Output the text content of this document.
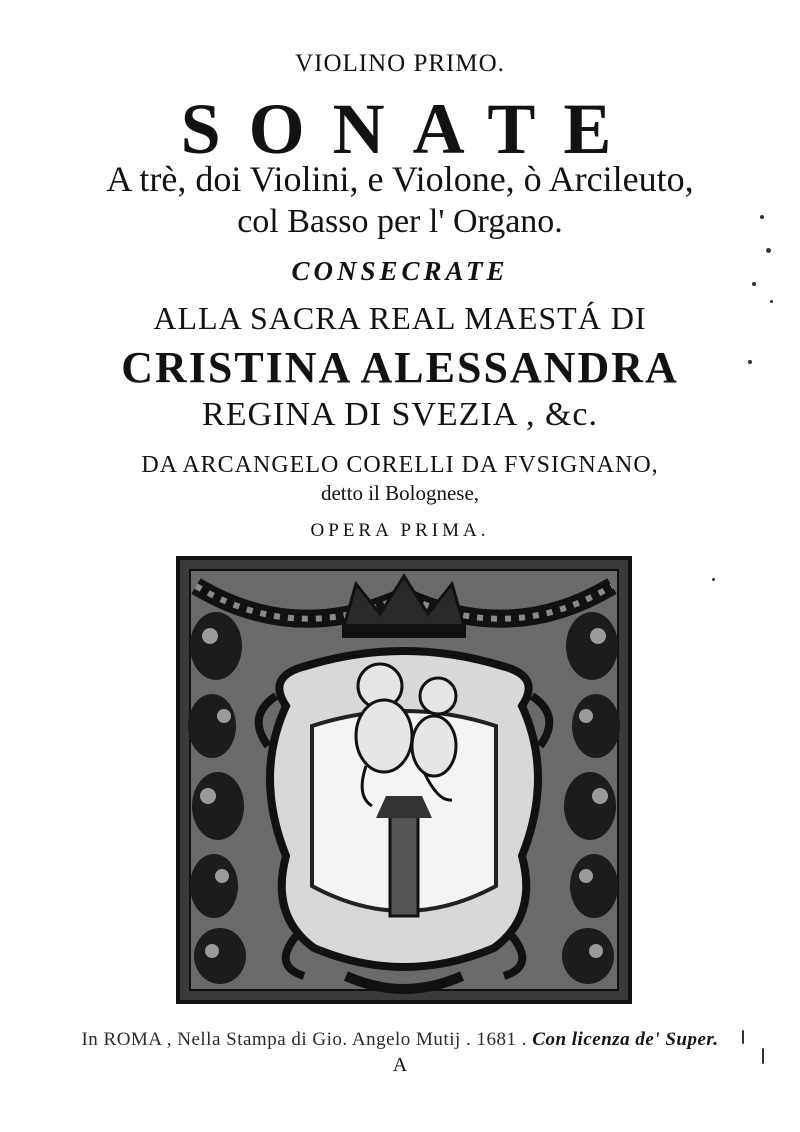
VIOLINO PRIMO.
SONATE
A trè, doi Violini, e Violone, ò Arcileuto,
col Basso per l' Organo.
CONSECRATE
ALLA SACRA REAL MAESTÁ DI
CRISTINA ALESSANDRA
REGINA DI SVEZIA , &c.
DA ARCANGELO CORELLI DA FVSIGNANO,
detto il Bolognese,
OPERA PRIMA.
In ROMA , Nella Stampa di Gio. Angelo Mutij . 1681 . Con licenza de' Super.
A
